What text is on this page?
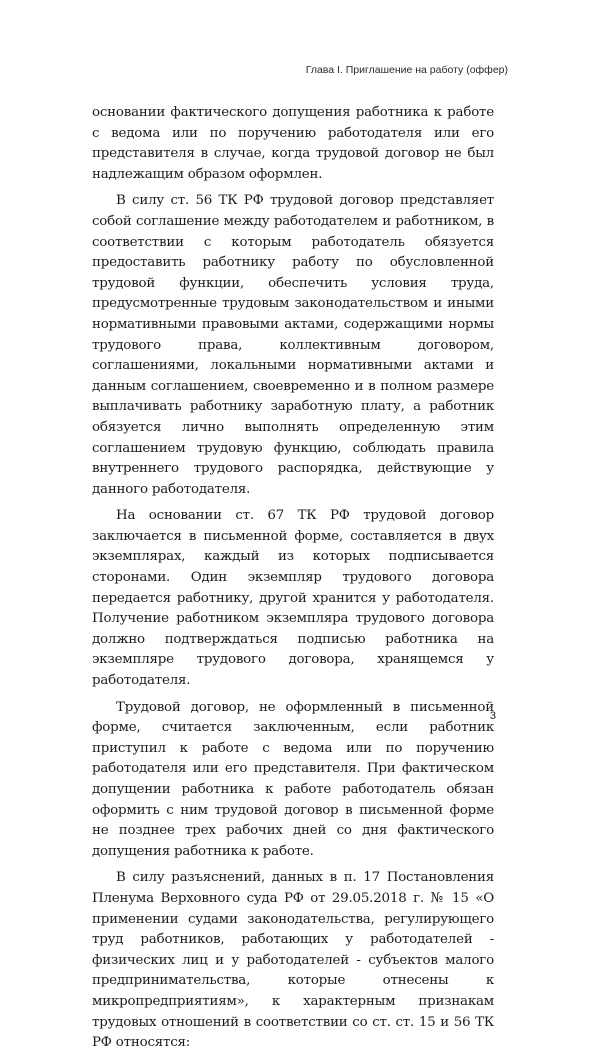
Глава I. Приглашение на работу (оффер)

основании фактического допущения работника к работе с ведома или по поручению работодателя или его представителя в случае, когда трудовой договор не был надлежащим образом оформлен.

В силу ст. 56 ТК РФ трудовой договор представляет собой соглашение между работодателем и работником, в соответствии с которым работодатель обязуется предоставить работнику работу по обусловленной трудовой функции, обеспечить условия труда, предусмотренные трудовым законодательством и иными нормативными правовыми актами, содержащими нормы трудового права, коллективным договором, соглашениями, локальными нормативными актами и данным соглашением, своевременно и в полном размере выплачивать работнику заработную плату, а работник обязуется лично выполнять определенную этим соглашением трудовую функцию, соблюдать правила внутреннего трудового распорядка, действующие у данного работодателя.

На основании ст. 67 ТК РФ трудовой договор заключается в письменной форме, составляется в двух экземплярах, каждый из которых подписывается сторонами. Один экземпляр трудового договора передается работнику, другой хранится у работодателя. Получение работником экземпляра трудового договора должно подтверждаться подписью работника на экземпляре трудового договора, хранящемся у работодателя.

Трудовой договор, не оформленный в письменной форме, считается заключенным, если работник приступил к работе с ведома или по поручению работодателя или его представителя. При фактическом допущении работника к работе работодатель обязан оформить с ним трудовой договор в письменной форме не позднее трех рабочих дней со дня фактического допущения работника к работе.

В силу разъяснений, данных в п. 17 Постановления Пленума Верховного суда РФ от 29.05.2018 г. № 15 «О применении судами законодательства, регулирующего труд работников, работающих у работодателей - физических лиц и у работодателей - субъектов малого предпринимательства, которые отнесены к микропредприятиям», к характерным признакам трудовых отношений в соответствии со ст. ст. 15 и 56 ТК РФ относятся:

3
